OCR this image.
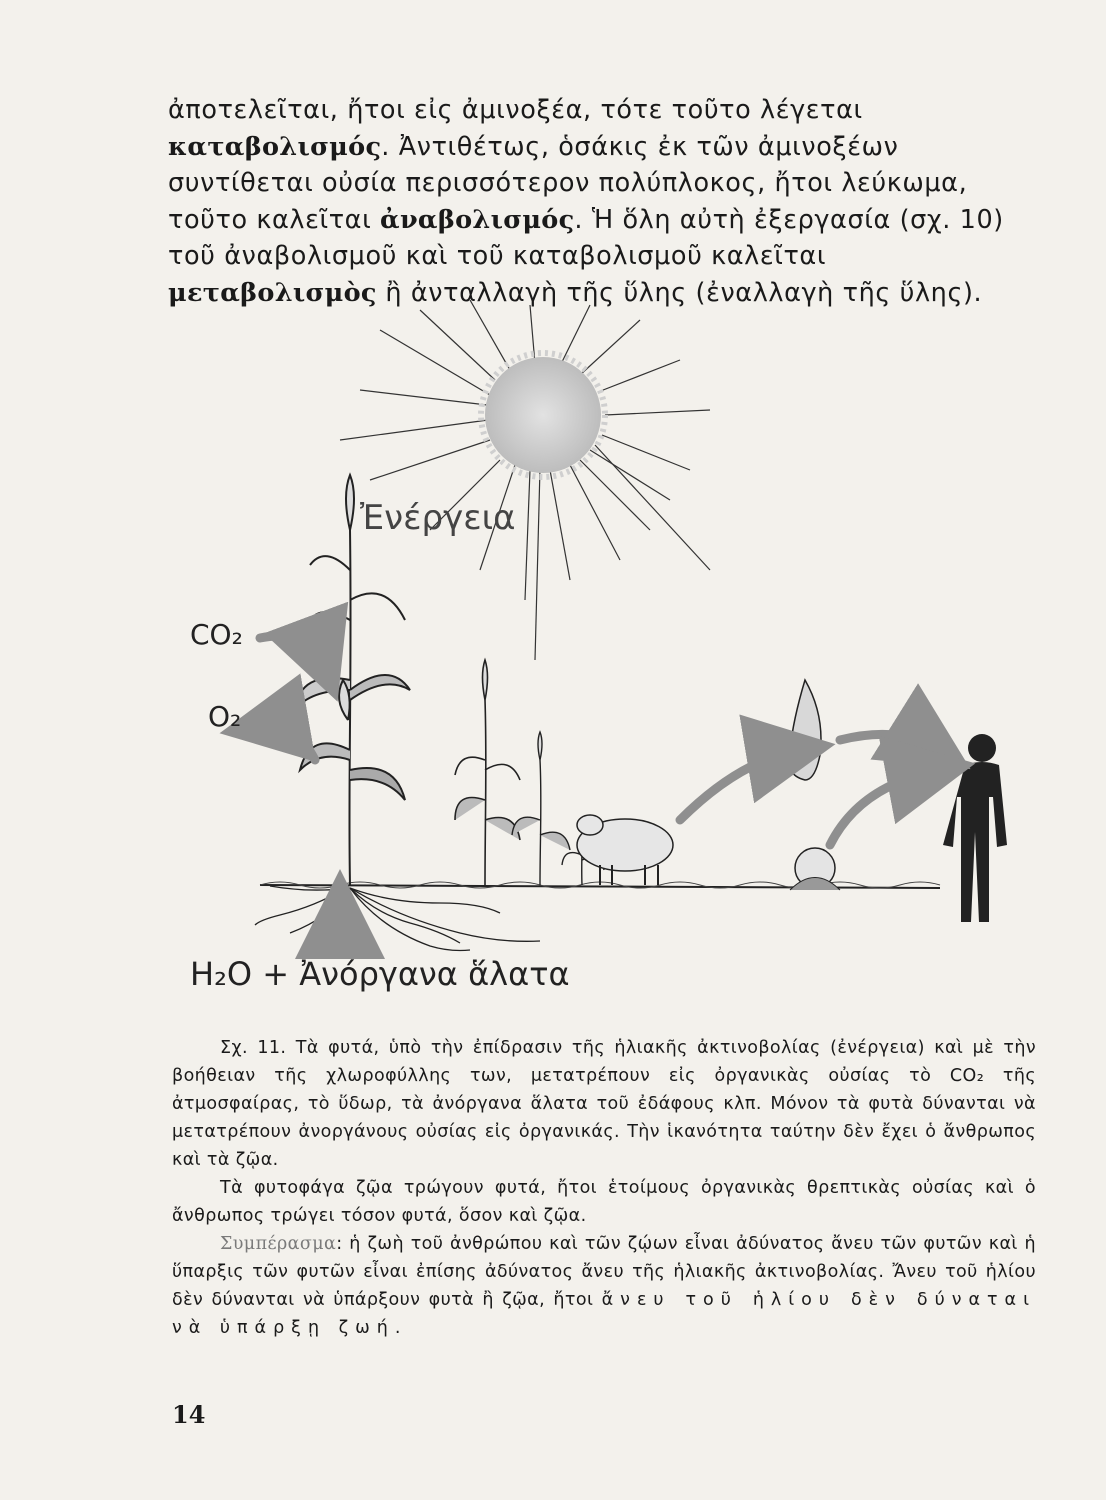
ἀποτελεῖται, ἤτοι εἰς ἀμινοξέα, τότε τοῦτο λέγεται καταβολισμός. Ἀντιθέτως, ὁσάκις ἐκ τῶν ἀμινοξέων συντίθεται οὐσία περισσότερον πολύπλοκος, ἤτοι λεύκωμα, τοῦτο καλεῖται ἀναβολισμός. Ἡ ὅλη αὐτὴ ἐξεργασία (σχ. 10) τοῦ ἀναβολισμοῦ καὶ τοῦ καταβολισμοῦ καλεῖται μεταβολισμὸς ἢ ἀνταλλαγὴ τῆς ὕλης (ἐναλλαγὴ τῆς ὕλης).
Ἐνέργεια
CO₂
O₂
H₂O + Ἀνόργανα ἅλατα

Σχ. 11. Τὰ φυτά, ὑπὸ τὴν ἐπίδρασιν τῆς ἡλιακῆς ἀκτινοβολίας (ἐνέργεια) καὶ μὲ τὴν βοήθειαν τῆς χλωροφύλλης των, μετατρέπουν εἰς ὀργανικὰς οὐσίας τὸ CO₂ τῆς ἀτμοσφαίρας, τὸ ὕδωρ, τὰ ἀνόργανα ἅλατα τοῦ ἐδάφους κλπ. Μόνον τὰ φυτὰ δύνανται νὰ μετατρέπουν ἀνοργάνους οὐσίας εἰς ὀργανικάς. Τὴν ἱκανότητα ταύτην δὲν ἔχει ὁ ἄνθρωπος καὶ τὰ ζῷα.

Τὰ φυτοφάγα ζῷα τρώγουν φυτά, ἤτοι ἑτοίμους ὀργανικὰς θρεπτικὰς οὐσίας καὶ ὁ ἄνθρωπος τρώγει τόσον φυτά, ὅσον καὶ ζῷα.

Συμπέρασμα: ἡ ζωὴ τοῦ ἀνθρώπου καὶ τῶν ζῴων εἶναι ἀδύνατος ἄνευ τῶν φυτῶν καὶ ἡ ὕπαρξις τῶν φυτῶν εἶναι ἐπίσης ἀδύνατος ἄνευ τῆς ἡλιακῆς ἀκτινοβολίας. Ἄνευ τοῦ ἡλίου δὲν δύνανται νὰ ὑπάρξουν φυτὰ ἢ ζῷα, ἤτοι ἄνευ τοῦ ἡλίου δὲν δύναται νὰ ὑπάρξῃ ζωή.

14
